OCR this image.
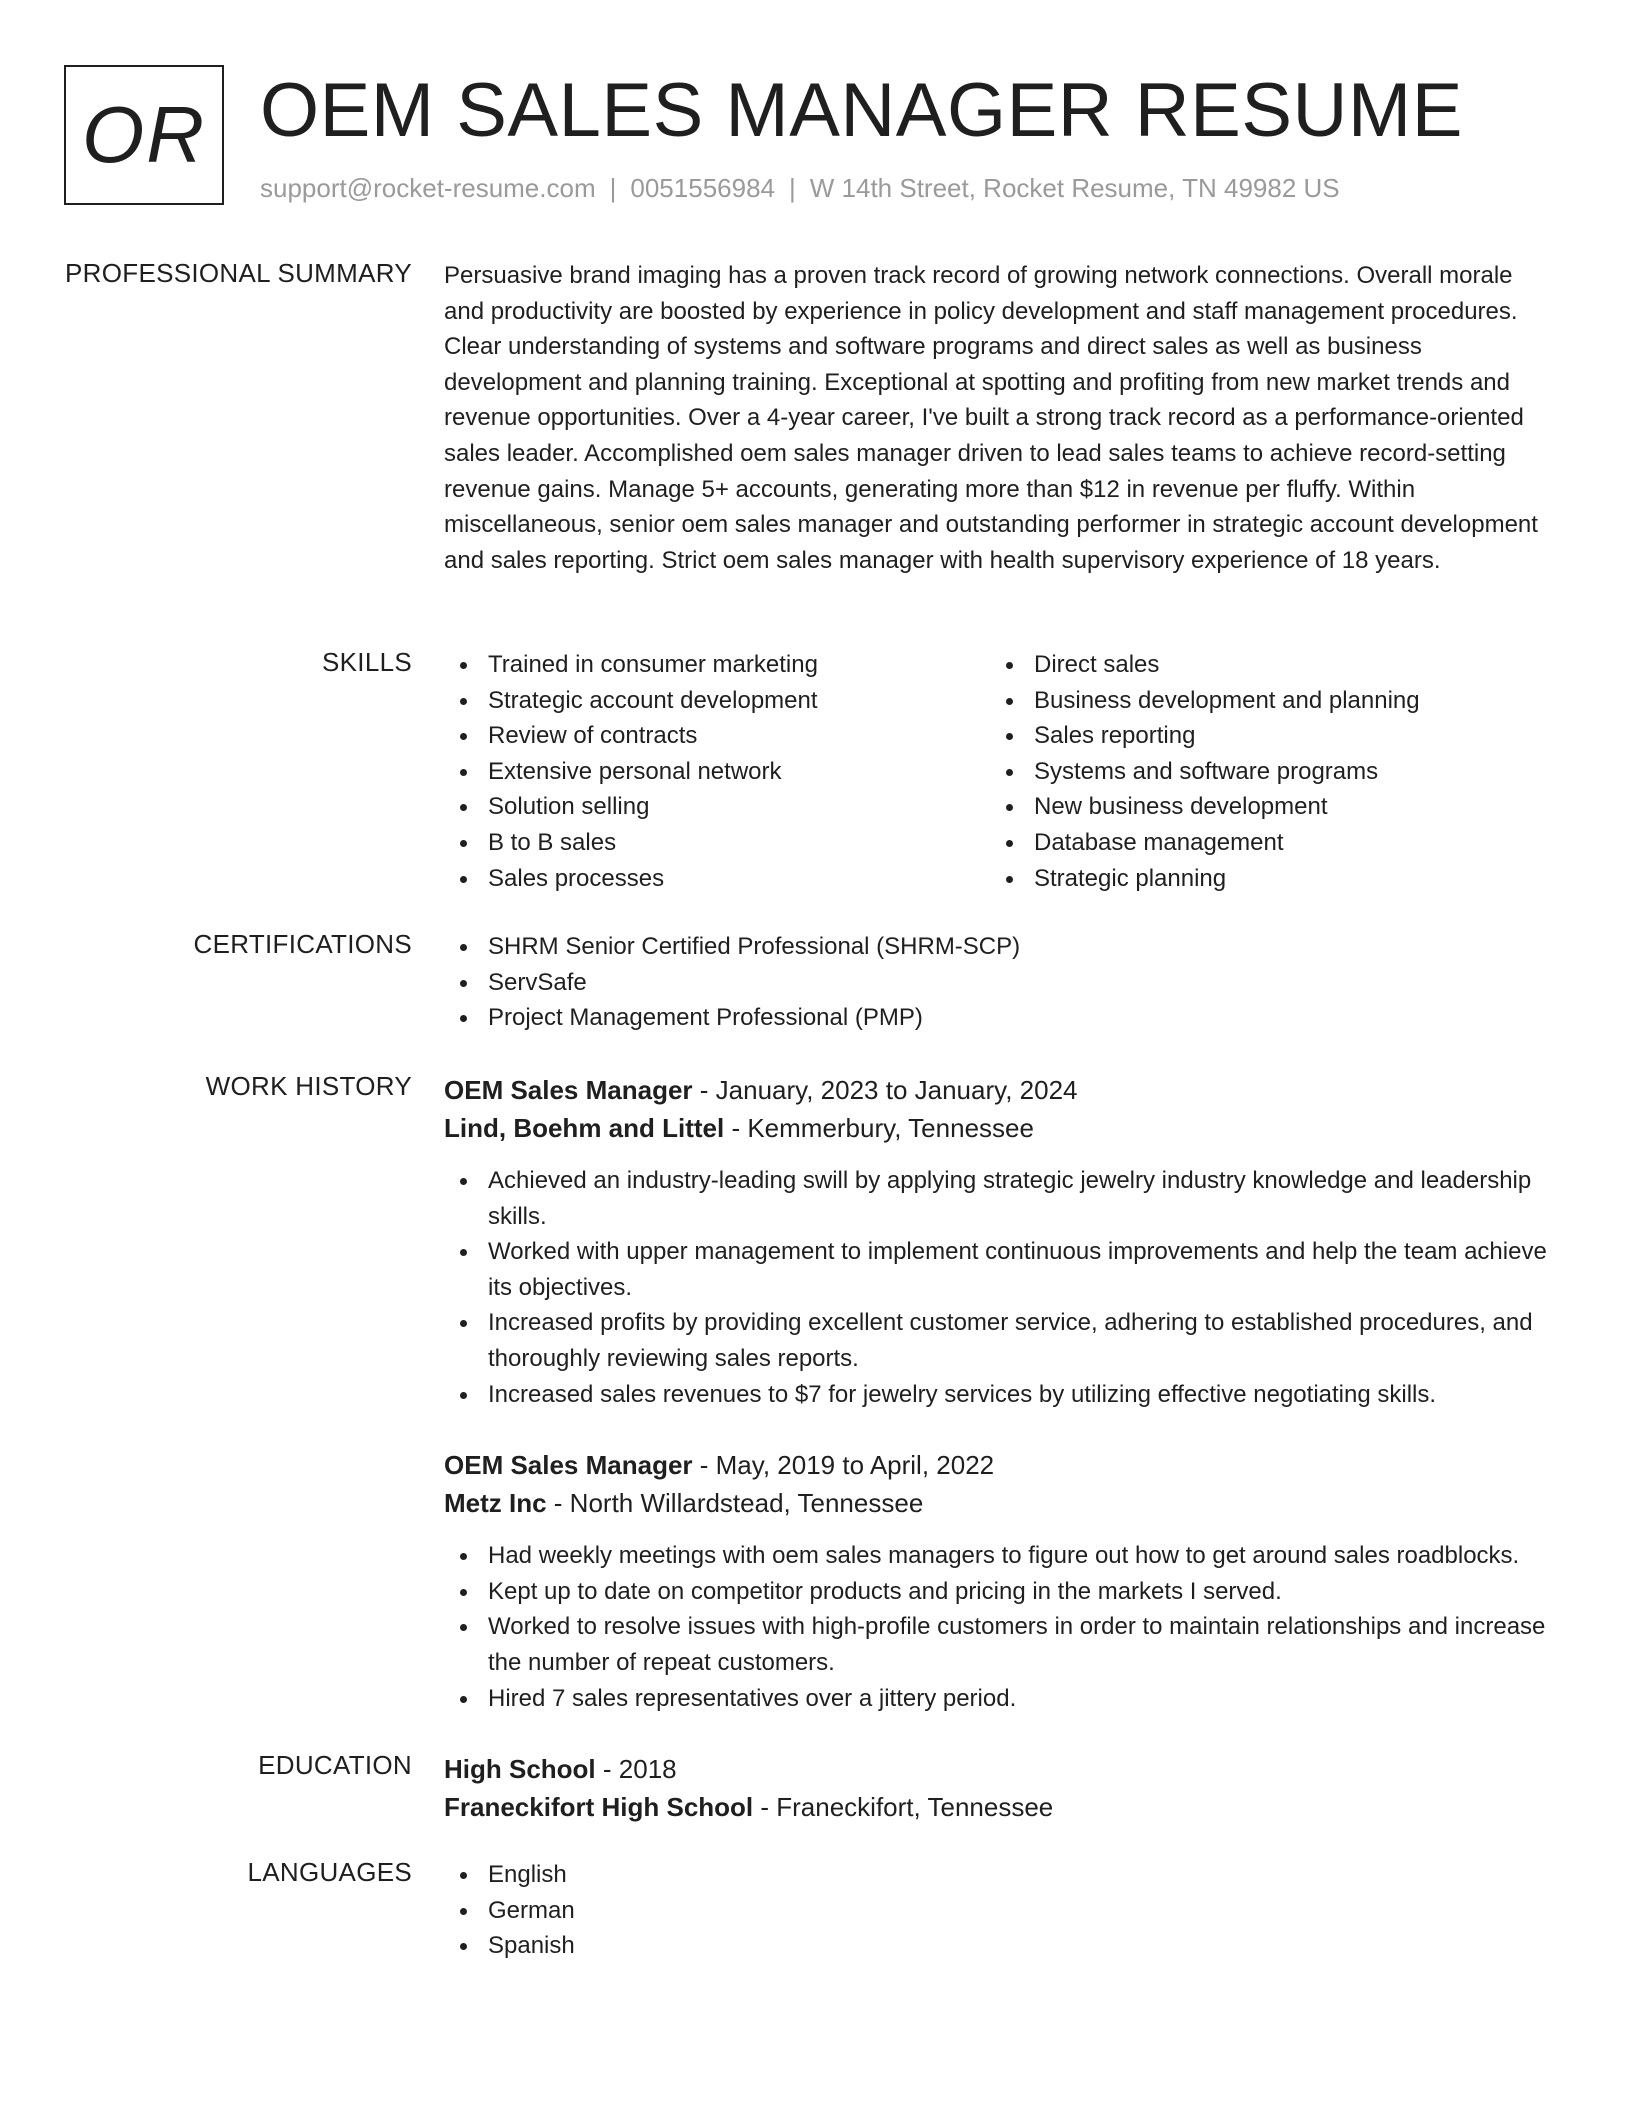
OR OEM SALES MANAGER RESUME
support@rocket-resume.com | 0051556984 | W 14th Street, Rocket Resume, TN 49982 US
PROFESSIONAL SUMMARY Persuasive brand imaging has a proven track record of growing network connections. Overall morale and productivity are boosted by experience in policy development and staff management procedures. Clear understanding of systems and software programs and direct sales as well as business development and planning training. Exceptional at spotting and profiting from new market trends and revenue opportunities. Over a 4-year career, I've built a strong track record as a performance-oriented sales leader. Accomplished oem sales manager driven to lead sales teams to achieve record-setting revenue gains. Manage 5+ accounts, generating more than $12 in revenue per fluffy. Within miscellaneous, senior oem sales manager and outstanding performer in strategic account development and sales reporting. Strict oem sales manager with health supervisory experience of 18 years.
SKILLS	Trained in consumer marketing
Strategic account development
Review of contracts
Extensive personal network
Solution selling
B to B sales
Sales processes
Direct sales
Business development and planning
Sales reporting
Systems and software programs
New business development
Database management
Strategic planning
CERTIFICATIONS	SHRM Senior Certified Professional (SHRM-SCP)
ServSafe
Project Management Professional (PMP)
WORK HISTORY OEM Sales Manager - January, 2023 to January, 2024
Lind, Boehm and Littel - Kemmerbury, Tennessee
Achieved an industry-leading swill by applying strategic jewelry industry knowledge and leadership skills.
Worked with upper management to implement continuous improvements and help the team achieve its objectives.
Increased profits by providing excellent customer service, adhering to established procedures, and thoroughly reviewing sales reports.
Increased sales revenues to $7 for jewelry services by utilizing effective negotiating skills.
OEM Sales Manager - May, 2019 to April, 2022
Metz Inc - North Willardstead, Tennessee
Had weekly meetings with oem sales managers to figure out how to get around sales roadblocks.
Kept up to date on competitor products and pricing in the markets I served.
Worked to resolve issues with high-profile customers in order to maintain relationships and increase the number of repeat customers.
Hired 7 sales representatives over a jittery period.
EDUCATION High School - 2018
Franeckifort High School - Franeckifort, Tennessee
LANGUAGES	English
German
Spanish
